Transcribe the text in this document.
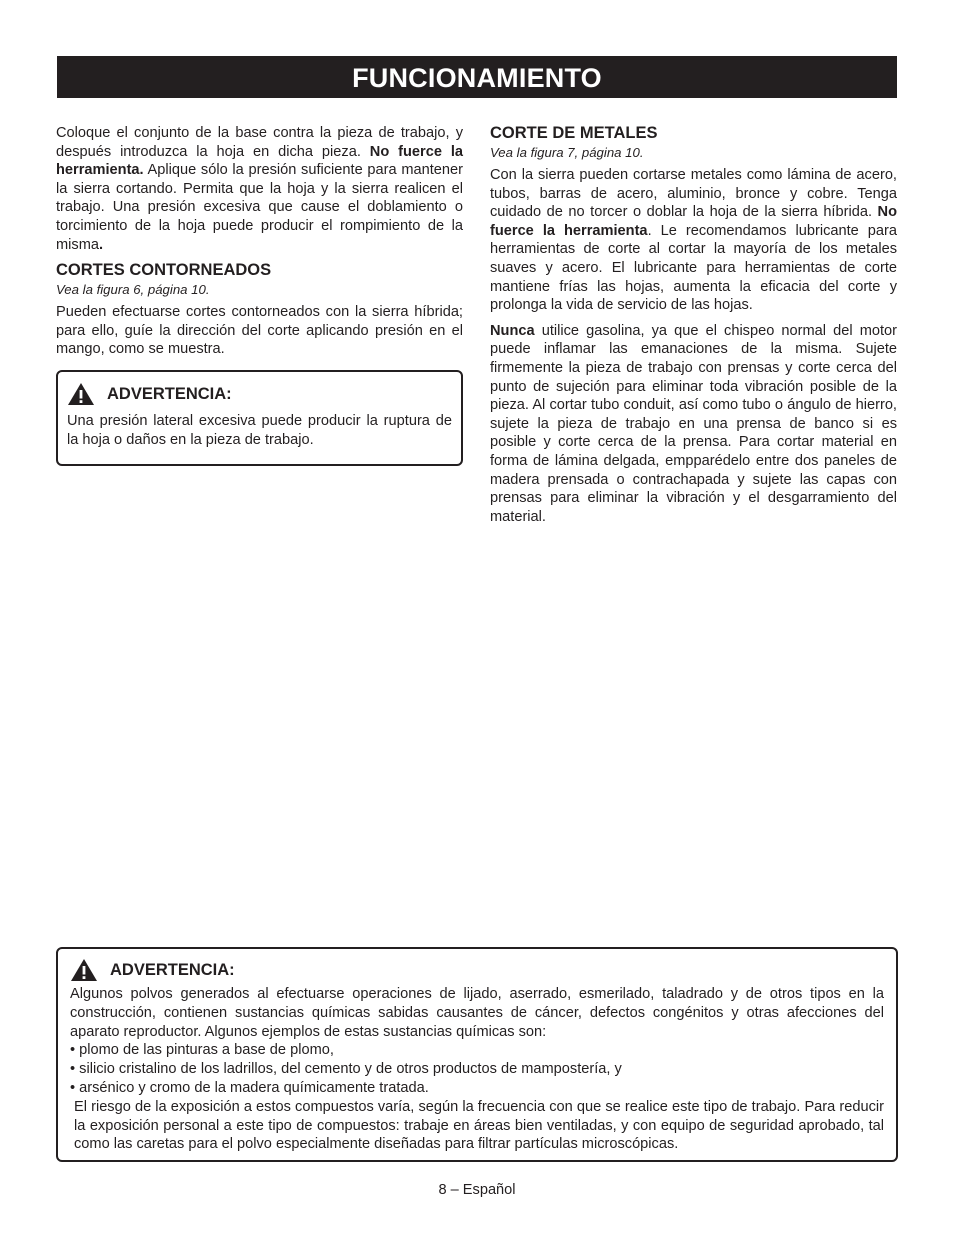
FUNCIONAMIENTO

Coloque el conjunto de la base contra la pieza de trabajo, y después introduzca la hoja en dicha pieza. No fuerce la herramienta. Aplique sólo la presión suficiente para mantener la sierra cortando. Permita que la hoja y la sierra realicen el trabajo. Una presión excesiva que cause el doblamiento o torcimiento de la hoja puede producir el rompimiento de la misma.

CORTES CONTORNEADOS
Vea la figura 6, página 10.

Pueden efectuarse cortes contorneados con la sierra híbrida; para ello, guíe la dirección del corte aplicando presión en el mango, como se muestra.

ADVERTENCIA:
Una presión lateral excesiva puede producir la ruptura de la hoja o daños en la pieza de trabajo.
CORTE DE METALES
Vea la figura 7, página 10.

Con la sierra pueden cortarse metales como lámina de acero, tubos, barras de acero, aluminio, bronce y cobre. Tenga cuidado de no torcer o doblar la hoja de la sierra híbrida. No fuerce la herramienta. Le recomendamos lubricante para herramientas de corte al cortar la mayoría de los metales suaves y acero. El lubricante para herramientas de corte mantiene frías las hojas, aumenta la eficacia del corte y prolonga la vida de servicio de las hojas.

Nunca utilice gasolina, ya que el chispeo normal del motor puede inflamar las emanaciones de la misma. Sujete firmemente la pieza de trabajo con prensas y corte cerca del punto de sujeción para eliminar toda vibración posible de la pieza. Al cortar tubo conduit, así como tubo o ángulo de hierro, sujete la pieza de trabajo en una prensa de banco si es posible y corte cerca de la prensa. Para cortar material en forma de lámina delgada, empparédelo entre dos paneles de madera prensada o contrachapada y sujete las capas con prensas para eliminar la vibración y el desgarramiento del material.

ADVERTENCIA:
Algunos polvos generados al efectuarse operaciones de lijado, aserrado, esmerilado, taladrado y de otros tipos en la construcción, contienen sustancias químicas sabidas causantes de cáncer, defectos congénitos y otras afecciones del aparato reproductor. Algunos ejemplos de estas sustancias químicas son:
• plomo de las pinturas a base de plomo,
• silicio cristalino de los ladrillos, del cemento y de otros productos de mampostería, y
• arsénico y cromo de la madera químicamente tratada.
El riesgo de la exposición a estos compuestos varía, según la frecuencia con que se realice este tipo de trabajo. Para reducir la exposición personal a este tipo de compuestos: trabaje en áreas bien ventiladas, y con equipo de seguridad aprobado, tal como las caretas para el polvo especialmente diseñadas para filtrar partículas microscópicas.
8 – Español
